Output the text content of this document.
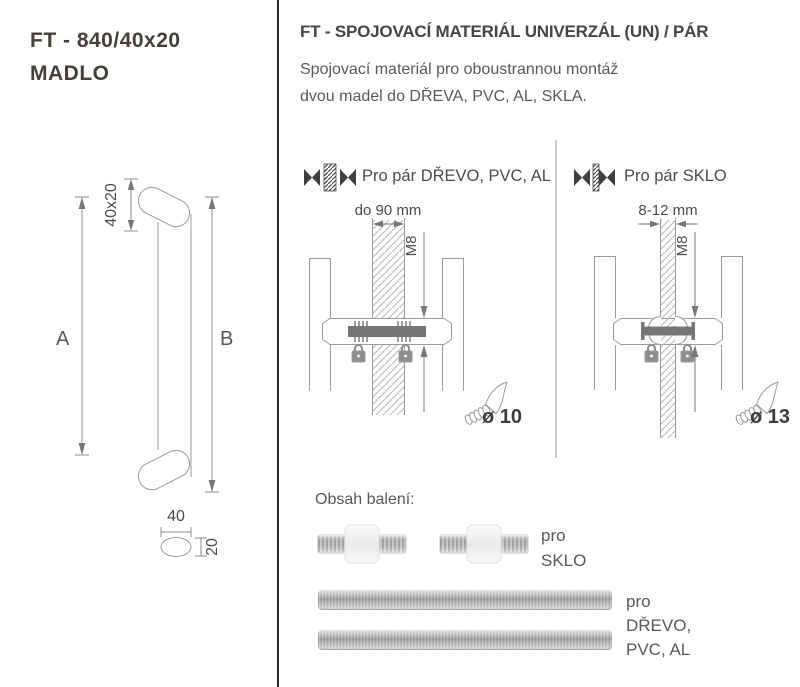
FT - 840/40x20
MADLO
40x20
A	B
40
20
FT - SPOJOVACÍ MATERIÁL UNIVERZÁL (UN) / PÁR
Spojovací materiál pro oboustrannou montáž
dvou madel do DŘEVA, PVC, AL, SKLA.
Pro pár DŘEVO, PVC, AL	Pro pár SKLO
do 90 mm	8-12 mm
M8	M8
ø 10	ø 13
Obsah balení:
pro
SKLO
pro
DŘEVO,
PVC, AL
